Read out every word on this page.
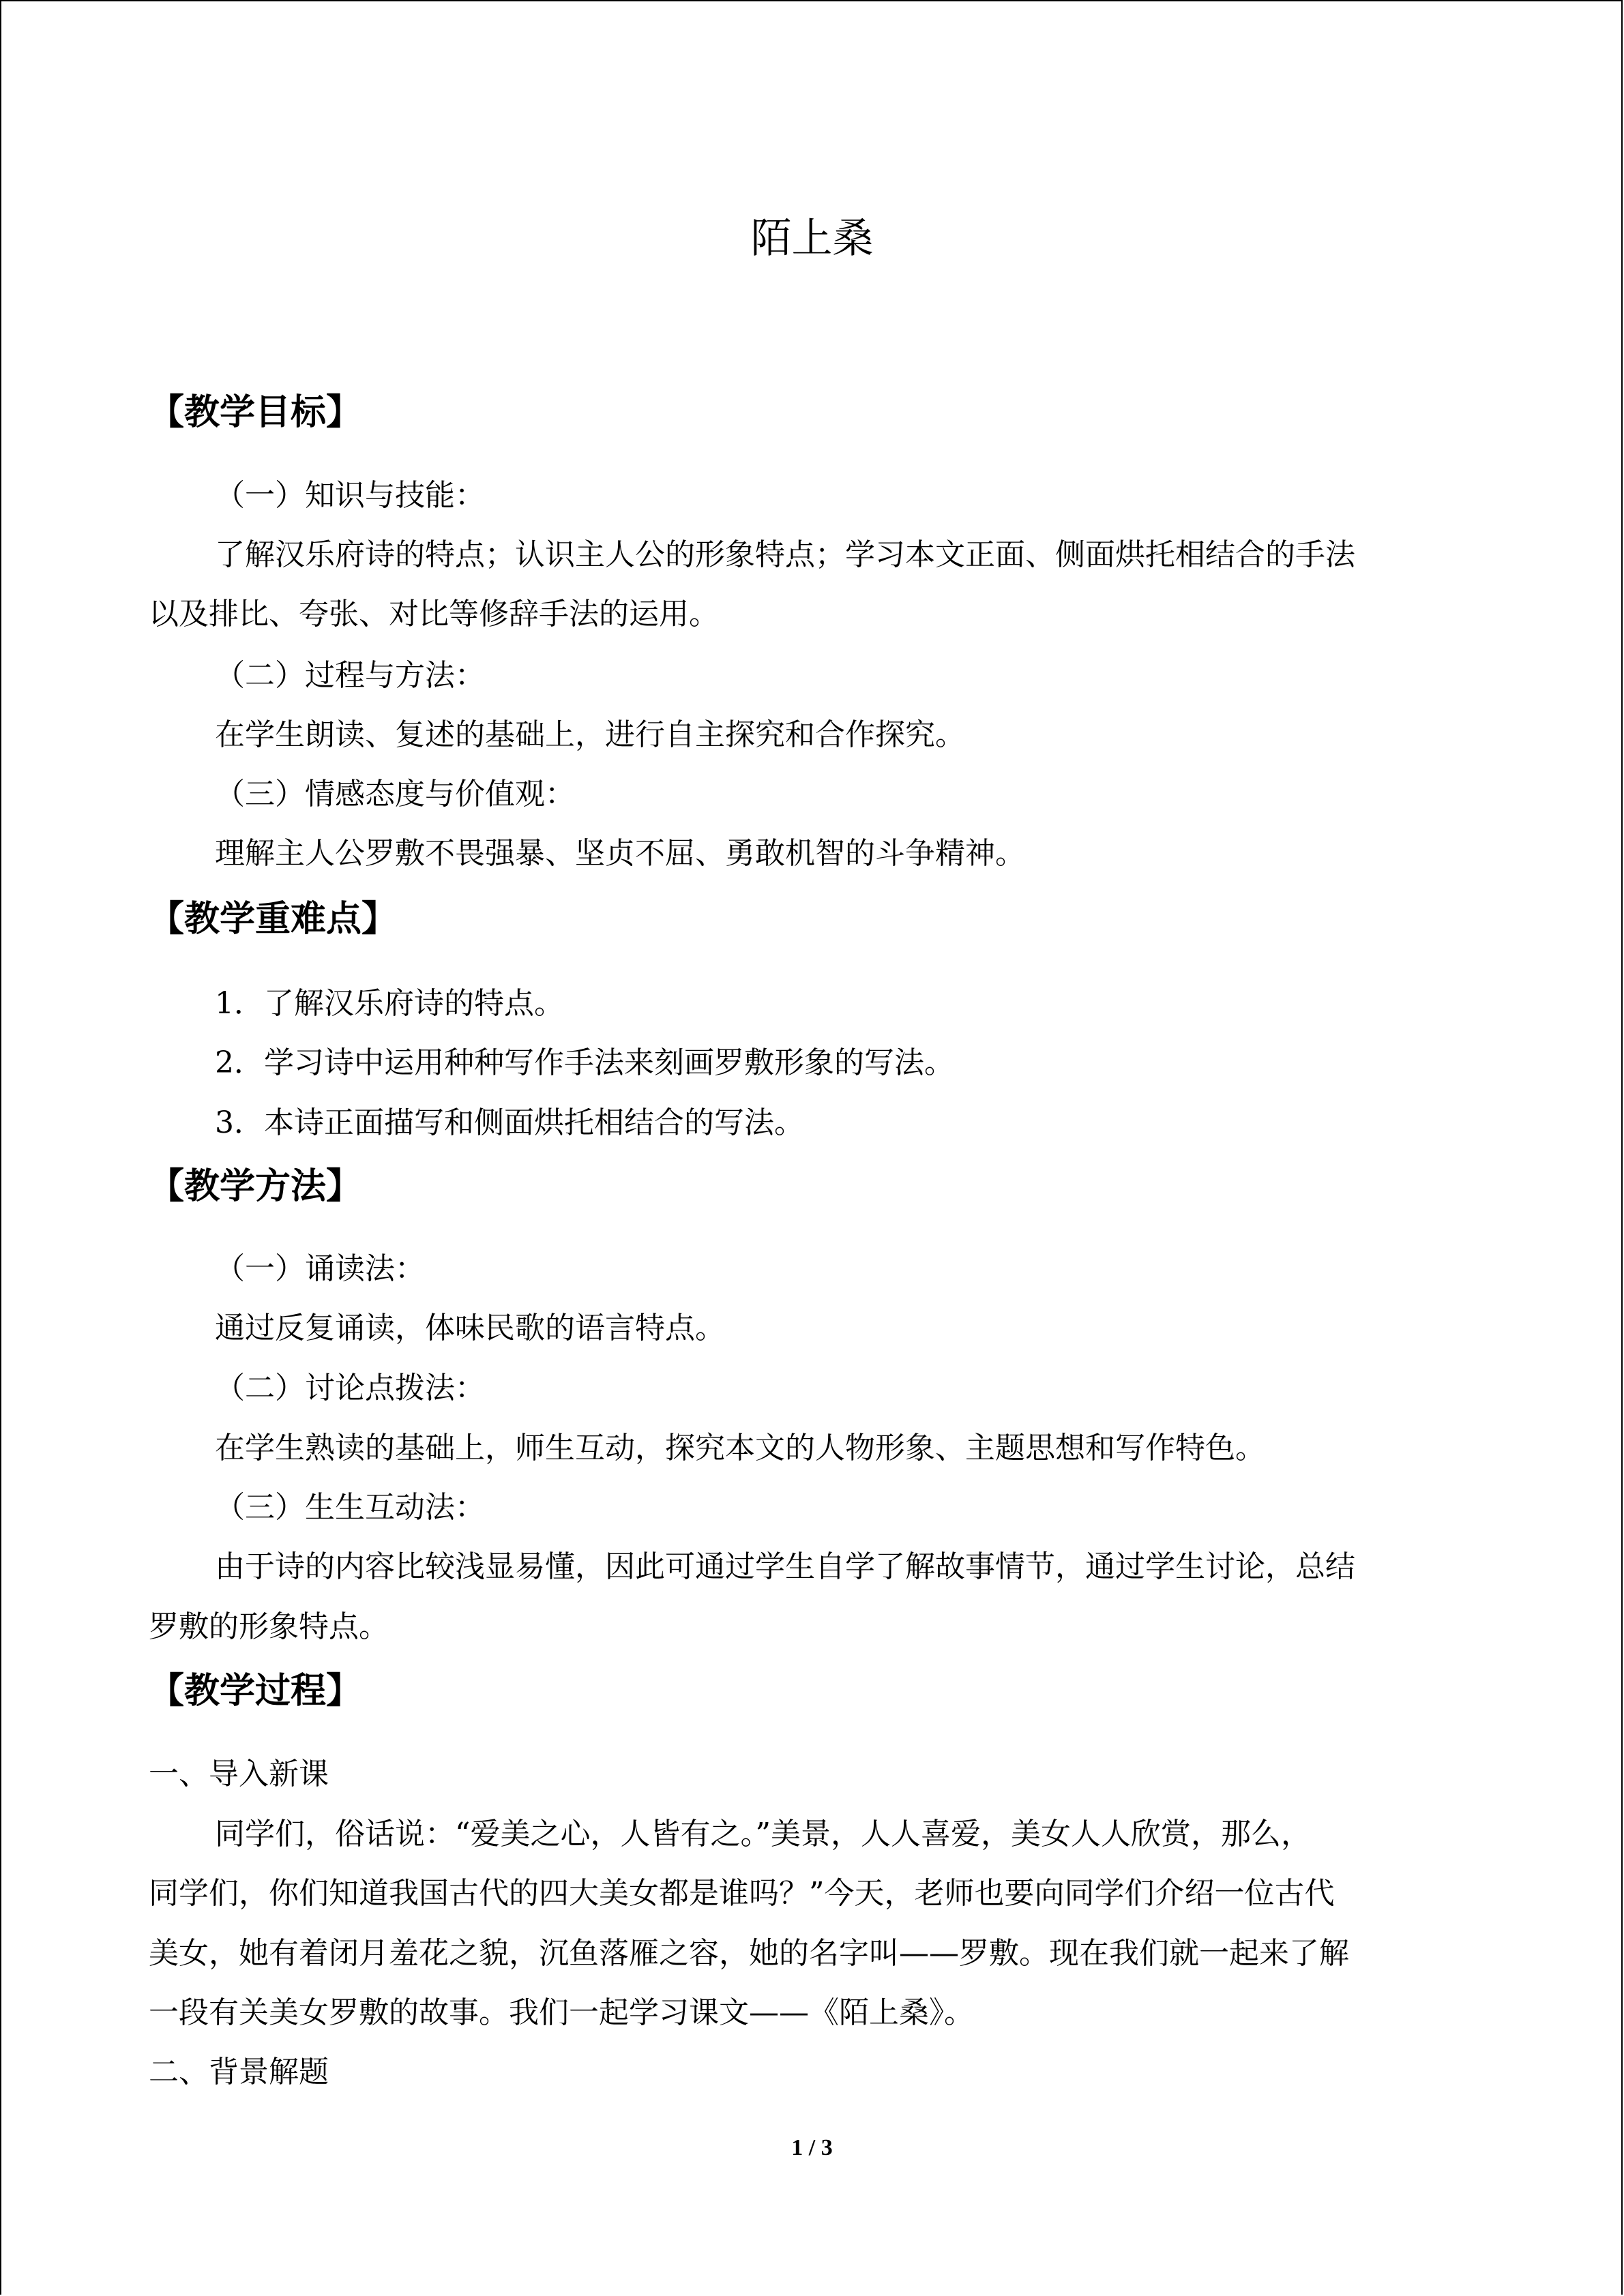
陌上桑
【教学目标】
（一）知识与技能：
了解汉乐府诗的特点；认识主人公的形象特点；学习本文正面、侧面烘托相结合的手法
以及排比、夸张、对比等修辞手法的运用。
（二）过程与方法：
在学生朗读、复述的基础上，进行自主探究和合作探究。
（三）情感态度与价值观：
理解主人公罗敷不畏强暴、坚贞不屈、勇敢机智的斗争精神。
【教学重难点】
1．了解汉乐府诗的特点。
2．学习诗中运用种种写作手法来刻画罗敷形象的写法。
3．本诗正面描写和侧面烘托相结合的写法。
【教学方法】
（一）诵读法：
通过反复诵读，体味民歌的语言特点。
（二）讨论点拨法：
在学生熟读的基础上，师生互动，探究本文的人物形象、主题思想和写作特色。
（三）生生互动法：
由于诗的内容比较浅显易懂，因此可通过学生自学了解故事情节，通过学生讨论，总结
罗敷的形象特点。
【教学过程】
一、导入新课
同学们，俗话说：“爱美之心，人皆有之。”美景，人人喜爱，美女人人欣赏，那么，
同学们，你们知道我国古代的四大美女都是谁吗？”今天，老师也要向同学们介绍一位古代
美女，她有着闭月羞花之貌，沉鱼落雁之容，她的名字叫——罗敷。现在我们就一起来了解
一段有关美女罗敷的故事。我们一起学习课文——《陌上桑》。
二、背景解题
1 / 3
